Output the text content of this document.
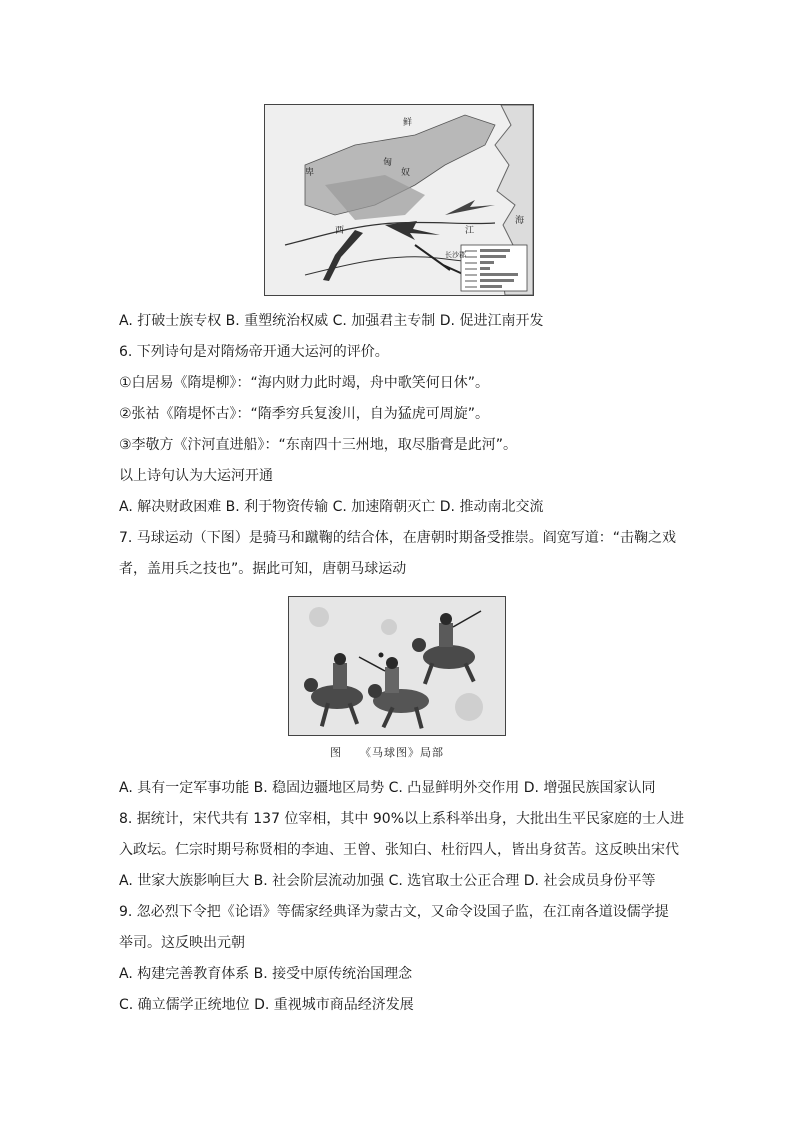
鲜
卑
匈
奴
西
长沙郡
江
海
A. 打破士族专权 B. 重塑统治权威 C. 加强君主专制 D. 促进江南开发
6. 下列诗句是对隋炀帝开通大运河的评价。
①白居易《隋堤柳》：“海内财力此时竭，舟中歌笑何日休”。
②张祜《隋堤怀古》：“隋季穷兵复浚川，自为猛虎可周旋”。
③李敬方《汴河直进船》：“东南四十三州地，取尽脂膏是此河”。
以上诗句认为大运河开通
A. 解决财政困难 B. 利于物资传输 C. 加速隋朝灭亡 D. 推动南北交流
7. 马球运动（下图）是骑马和蹴鞠的结合体，在唐朝时期备受推崇。阎宽写道：“击鞠之戏
者，盖用兵之技也”。据此可知，唐朝马球运动
图 《马球图》局部
A. 具有一定军事功能 B. 稳固边疆地区局势 C. 凸显鲜明外交作用 D. 增强民族国家认同
8. 据统计，宋代共有 137 位宰相，其中 90%以上系科举出身，大批出生平民家庭的士人进
入政坛。仁宗时期号称贤相的李迪、王曾、张知白、杜衍四人，皆出身贫苦。这反映出宋代
A. 世家大族影响巨大 B. 社会阶层流动加强 C. 选官取士公正合理 D. 社会成员身份平等
9. 忽必烈下令把《论语》等儒家经典译为蒙古文，又命令设国子监，在江南各道设儒学提
举司。这反映出元朝
A. 构建完善教育体系 B. 接受中原传统治国理念
C. 确立儒学正统地位 D. 重视城市商品经济发展
